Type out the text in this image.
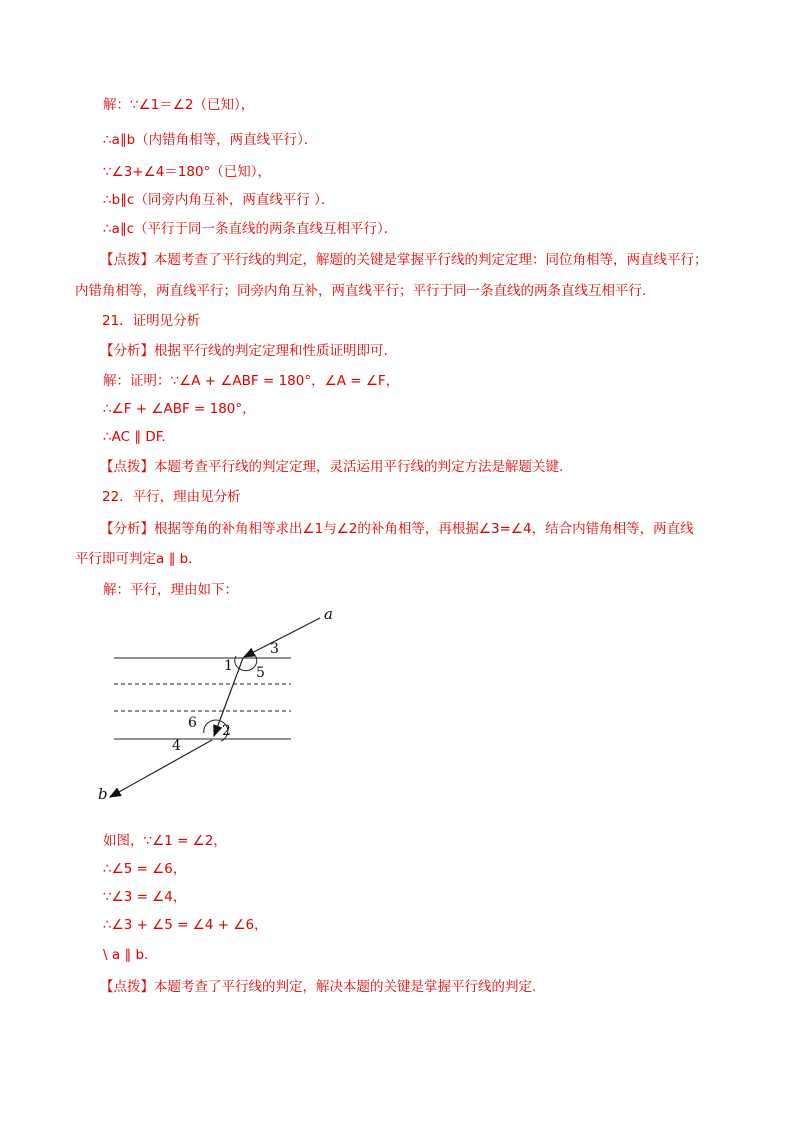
解：∵∠1＝∠2（已知），
∴a∥b（内错角相等，两直线平行）．
∵∠3+∠4＝180°（已知），
∴b∥c（同旁内角互补，两直线平行 ）．
∴a∥c（平行于同一条直线的两条直线互相平行）．
【点拨】本题考查了平行线的判定，解题的关键是掌握平行线的判定定理：同位角相等，两直线平行；
内错角相等，两直线平行；同旁内角互补，两直线平行；平行于同一条直线的两条直线互相平行.
21．证明见分析
【分析】根据平行线的判定定理和性质证明即可.
解：证明：∵∠A + ∠ABF = 180°，∠A = ∠F，
∴∠F + ∠ABF = 180°，
∴AC ∥ DF.
【点拨】本题考查平行线的判定定理，灵活运用平行线的判定方法是解题关键.
22．平行，理由见分析
【分析】根据等角的补角相等求出∠1与∠2的补角相等，再根据∠3=∠4，结合内错角相等，两直线
平行即可判定a ∥ b.
解：平行，理由如下：
a
b
1
3
5
6 2
4
如图，∵∠1 = ∠2，
∴∠5 = ∠6，
∵∠3 = ∠4，
∴∠3 + ∠5 = ∠4 + ∠6，
\ a ∥ b.
【点拨】本题考查了平行线的判定，解决本题的关键是掌握平行线的判定.
